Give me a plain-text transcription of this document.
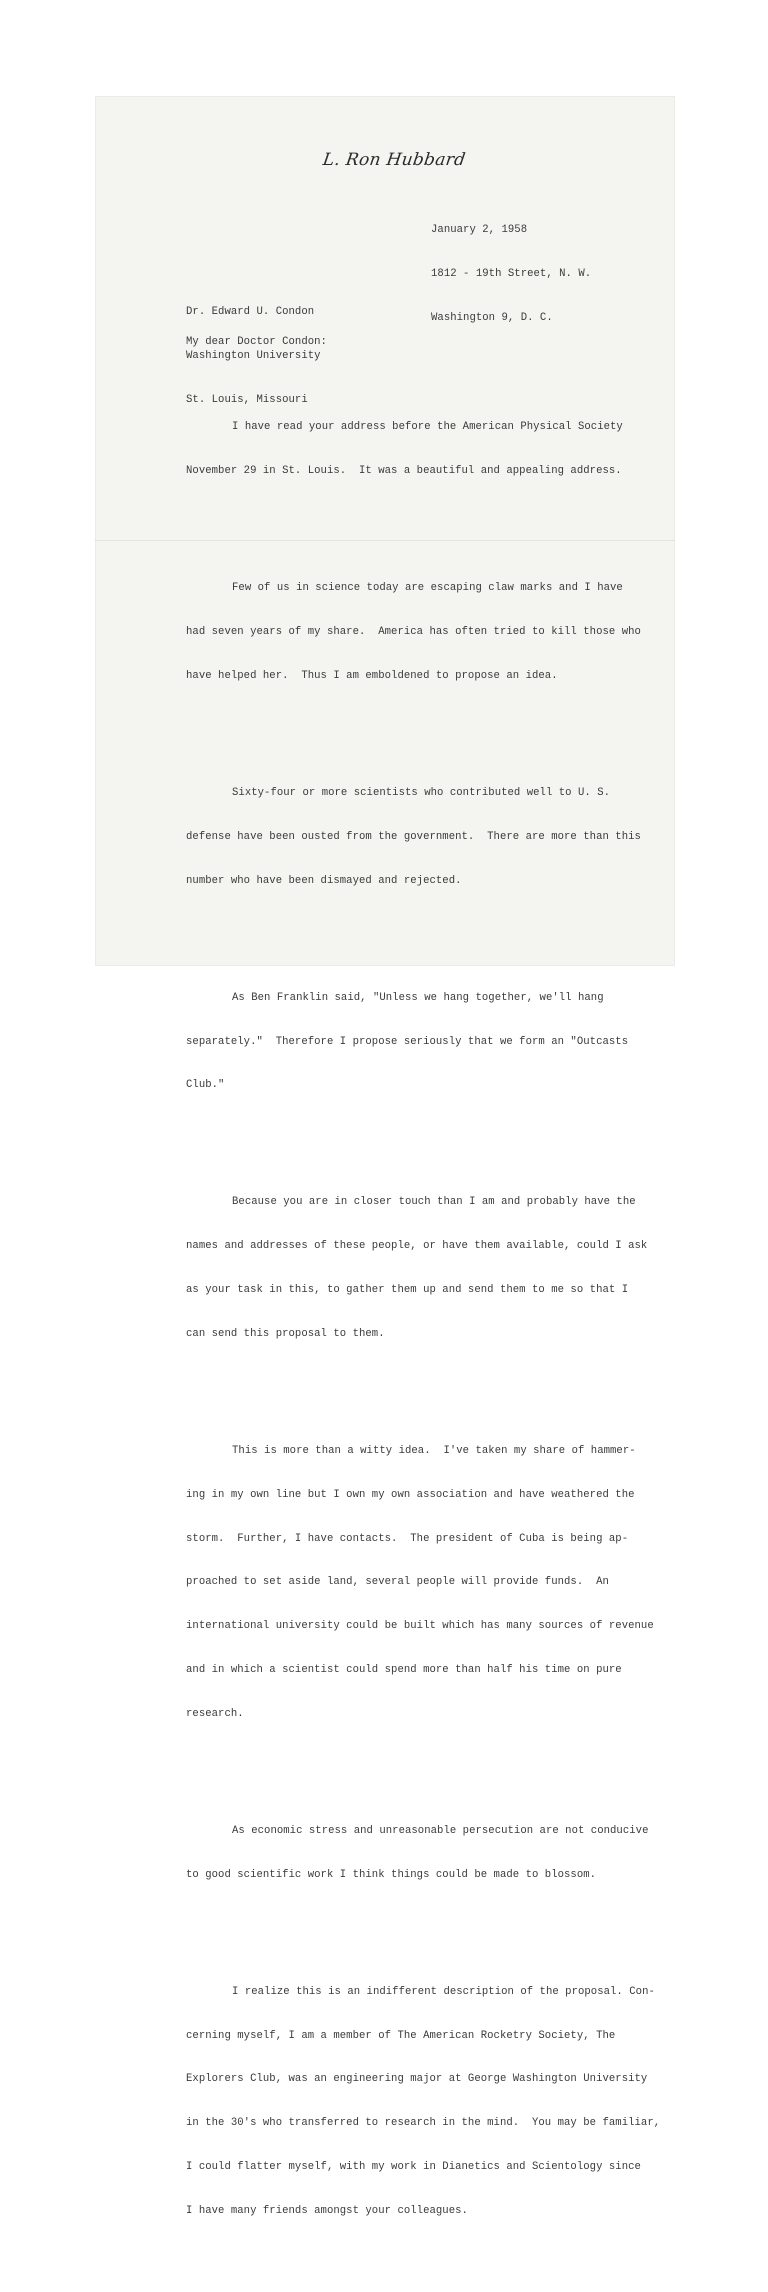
L. Ron Hubbard

January 2, 1958

1812 - 19th Street, N. W.

Washington 9, D. C.

Dr. Edward U. Condon

Washington University

St. Louis, Missouri

My dear Doctor Condon:

I have read your address before the American Physical Society

November 29 in St. Louis.  It was a beautiful and appealing address.

Few of us in science today are escaping claw marks and I have

had seven years of my share.  America has often tried to kill those who

have helped her.  Thus I am emboldened to propose an idea.

Sixty-four or more scientists who contributed well to U. S.

defense have been ousted from the government.  There are more than this

number who have been dismayed and rejected.

As Ben Franklin said, "Unless we hang together, we'll hang

separately."  Therefore I propose seriously that we form an "Outcasts

Club."

Because you are in closer touch than I am and probably have the

names and addresses of these people, or have them available, could I ask

as your task in this, to gather them up and send them to me so that I

can send this proposal to them.

This is more than a witty idea.  I've taken my share of hammer-

ing in my own line but I own my own association and have weathered the

storm.  Further, I have contacts.  The president of Cuba is being ap-

proached to set aside land, several people will provide funds.  An

international university could be built which has many sources of revenue

and in which a scientist could spend more than half his time on pure

research.

As economic stress and unreasonable persecution are not conducive

to good scientific work I think things could be made to blossom.

I realize this is an indifferent description of the proposal. Con-

cerning myself, I am a member of The American Rocketry Society, The

Explorers Club, was an engineering major at George Washington University

in the 30's who transferred to research in the mind.  You may be familiar,

I could flatter myself, with my work in Dianetics and Scientology since

I have many friends amongst your colleagues.
